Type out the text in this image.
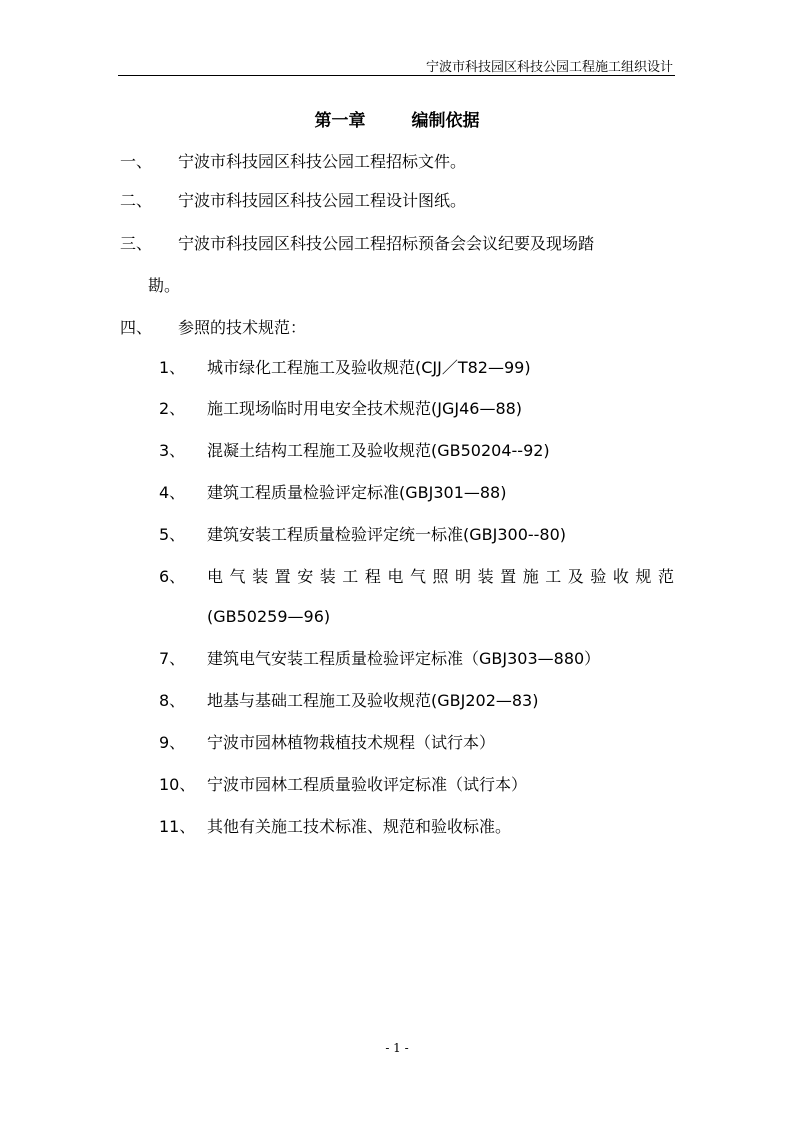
宁波市科技园区科技公园工程施工组织设计
第一章	编制依据
一、 宁波市科技园区科技公园工程招标文件。
二、 宁波市科技园区科技公园工程设计图纸。
三、 宁波市科技园区科技公园工程招标预备会会议纪要及现场踏
勘。
四、 参照的技术规范：
1、 城市绿化工程施工及验收规范(CJJ／T82—99)
2、 施工现场临时用电安全技术规范(JGJ46—88)
3、 混凝土结构工程施工及验收规范(GB50204--92)
4、 建筑工程质量检验评定标准(GBJ301—88)
5、 建筑安装工程质量检验评定统一标准(GBJ300--80)
6、 电气装置安装工程电气照明装置施工及验收规范
(GB50259—96)
7、 建筑电气安装工程质量检验评定标准（GBJ303—880）
8、 地基与基础工程施工及验收规范(GBJ202—83)
9、 宁波市园林植物栽植技术规程（试行本）
10、 宁波市园林工程质量验收评定标准（试行本）
11、 其他有关施工技术标准、规范和验收标准。
- 1 -
